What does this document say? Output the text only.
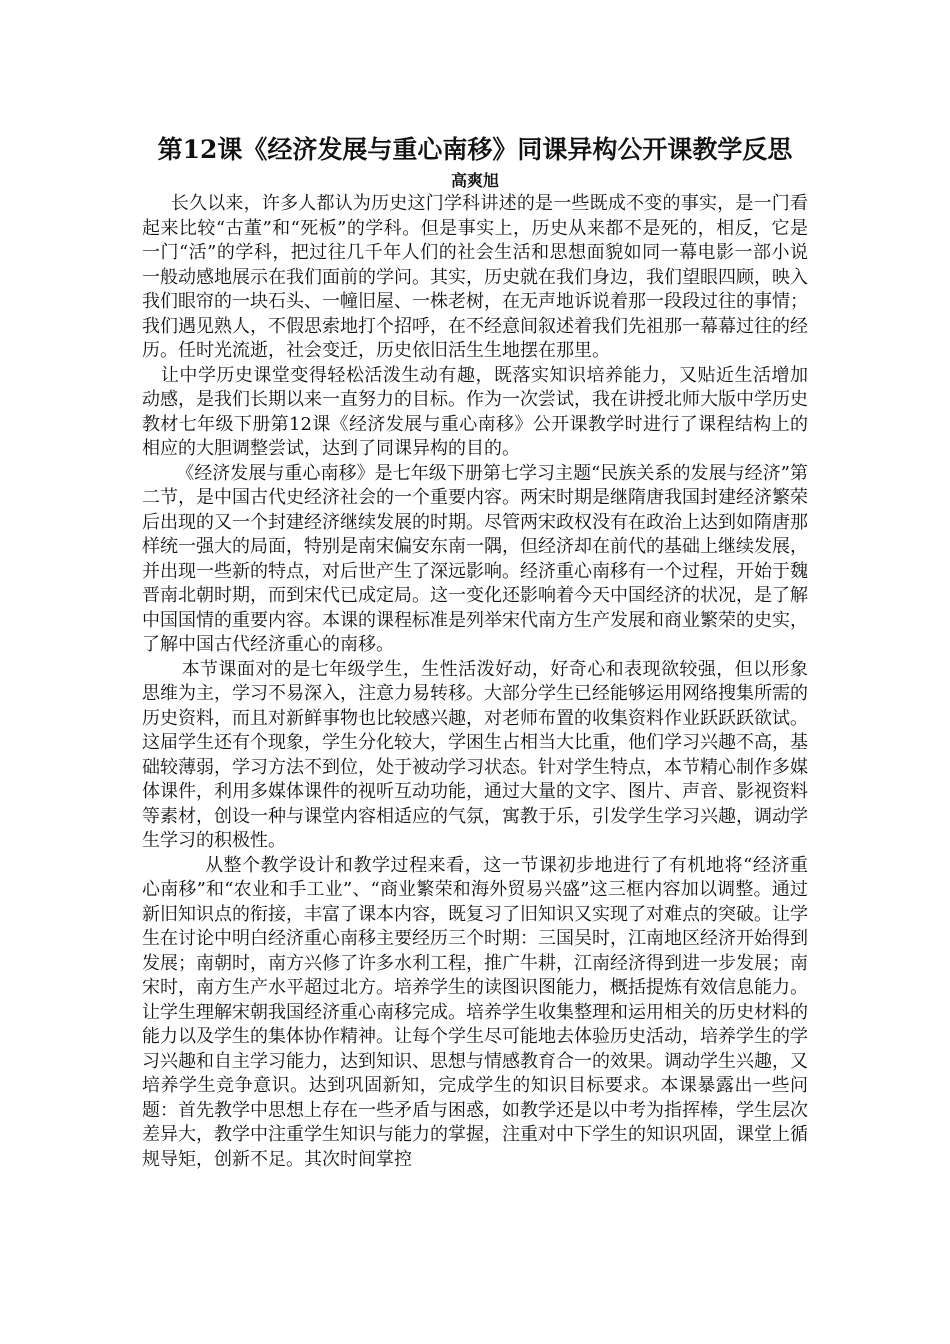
第12课《经济发展与重心南移》同课异构公开课教学反思
高爽旭

长久以来，许多人都认为历史这门学科讲述的是一些既成不变的事实，是一门看起来比较“古董”和“死板”的学科。但是事实上，历史从来都不是死的，相反，它是一门“活”的学科，把过往几千年人们的社会生活和思想面貌如同一幕电影一部小说一般动感地展示在我们面前的学问。其实，历史就在我们身边，我们望眼四顾，映入我们眼帘的一块石头、一幢旧屋、一株老树，在无声地诉说着那一段段过往的事情；我们遇见熟人，不假思索地打个招呼，在不经意间叙述着我们先祖那一幕幕过往的经历。任时光流逝，社会变迁，历史依旧活生生地摆在那里。

让中学历史课堂变得轻松活泼生动有趣，既落实知识培养能力，又贴近生活增加动感，是我们长期以来一直努力的目标。作为一次尝试，我在讲授北师大版中学历史教材七年级下册第12课《经济发展与重心南移》公开课教学时进行了课程结构上的相应的大胆调整尝试，达到了同课异构的目的。

《经济发展与重心南移》是七年级下册第七学习主题“民族关系的发展与经济”第二节，是中国古代史经济社会的一个重要内容。两宋时期是继隋唐我国封建经济繁荣后出现的又一个封建经济继续发展的时期。尽管两宋政权没有在政治上达到如隋唐那样统一强大的局面，特别是南宋偏安东南一隅，但经济却在前代的基础上继续发展，并出现一些新的特点，对后世产生了深远影响。经济重心南移有一个过程，开始于魏晋南北朝时期，而到宋代已成定局。这一变化还影响着今天中国经济的状况，是了解中国国情的重要内容。本课的课程标准是列举宋代南方生产发展和商业繁荣的史实，了解中国古代经济重心的南移。

本节课面对的是七年级学生，生性活泼好动，好奇心和表现欲较强，但以形象思维为主，学习不易深入，注意力易转移。大部分学生已经能够运用网络搜集所需的历史资料，而且对新鲜事物也比较感兴趣，对老师布置的收集资料作业跃跃跃欲试。这届学生还有个现象，学生分化较大，学困生占相当大比重，他们学习兴趣不高，基础较薄弱，学习方法不到位，处于被动学习状态。针对学生特点，本节精心制作多媒体课件，利用多媒体课件的视听互动功能，通过大量的文字、图片、声音、影视资料等素材，创设一种与课堂内容相适应的气氛，寓教于乐，引发学生学习兴趣，调动学生学习的积极性。

从整个教学设计和教学过程来看，这一节课初步地进行了有机地将“经济重心南移”和“农业和手工业”、“商业繁荣和海外贸易兴盛”这三框内容加以调整。通过新旧知识点的衔接，丰富了课本内容，既复习了旧知识又实现了对难点的突破。让学生在讨论中明白经济重心南移主要经历三个时期：三国吴时，江南地区经济开始得到发展；南朝时，南方兴修了许多水利工程，推广牛耕，江南经济得到进一步发展；南宋时，南方生产水平超过北方。培养学生的读图识图能力，概括提炼有效信息能力。让学生理解宋朝我国经济重心南移完成。培养学生收集整理和运用相关的历史材料的能力以及学生的集体协作精神。让每个学生尽可能地去体验历史活动，培养学生的学习兴趣和自主学习能力，达到知识、思想与情感教育合一的效果。调动学生兴趣，又培养学生竞争意识。达到巩固新知，完成学生的知识目标要求。本课暴露出一些问题：首先教学中思想上存在一些矛盾与困惑，如教学还是以中考为指挥棒，学生层次差异大，教学中注重学生知识与能力的掌握，注重对中下学生的知识巩固，课堂上循规导矩，创新不足。其次时间掌控
